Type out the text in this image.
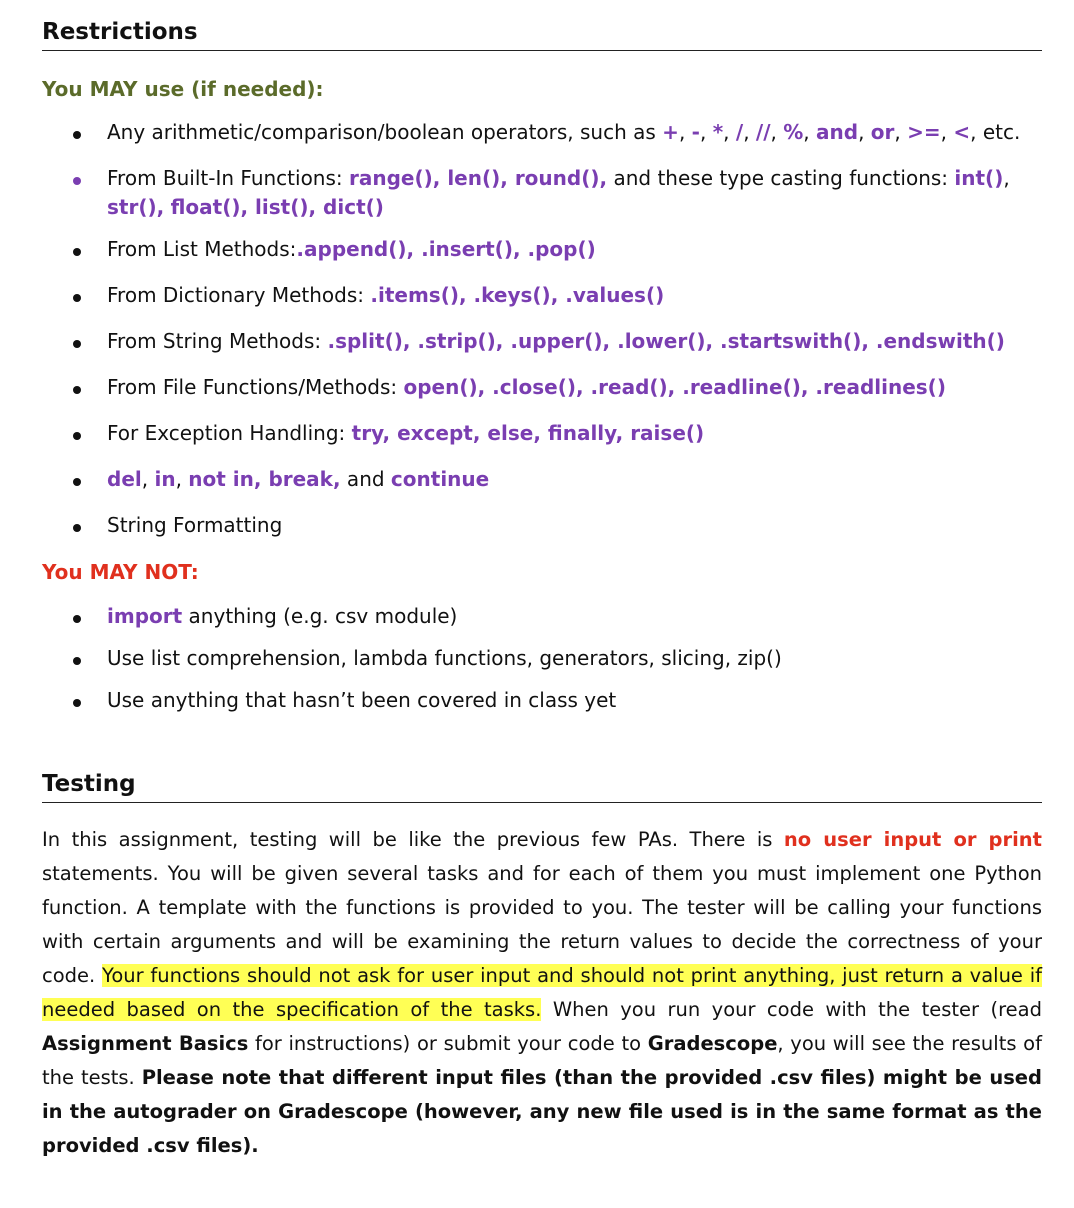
Restrictions
You MAY use (if needed):
Any arithmetic/comparison/boolean operators, such as +, -, *, /, //, %, and, or, >=, <, etc.
From Built-In Functions: range(), len(), round(), and these type casting functions: int(), str(), float(), list(), dict()
From List Methods:.append(), .insert(), .pop()
From Dictionary Methods: .items(), .keys(), .values()
From String Methods: .split(), .strip(), .upper(), .lower(), .startswith(), .endswith()
From File Functions/Methods: open(), .close(), .read(), .readline(), .readlines()
For Exception Handling: try, except, else, finally, raise()
del, in, not in, break, and continue
String Formatting
You MAY NOT:
import anything (e.g. csv module)
Use list comprehension, lambda functions, generators, slicing, zip()
Use anything that hasn’t been covered in class yet
Testing

In this assignment, testing will be like the previous few PAs. There is no user input or print statements. You will be given several tasks and for each of them you must implement one Python function. A template with the functions is provided to you. The tester will be calling your functions with certain arguments and will be examining the return values to decide the correctness of your code. Your functions should not ask for user input and should not print anything, just return a value if needed based on the specification of the tasks. When you run your code with the tester (read Assignment Basics for instructions) or submit your code to Gradescope, you will see the results of the tests. Please note that different input files (than the provided .csv files) might be used in the autograder on Gradescope (however, any new file used is in the same format as the provided .csv files).
